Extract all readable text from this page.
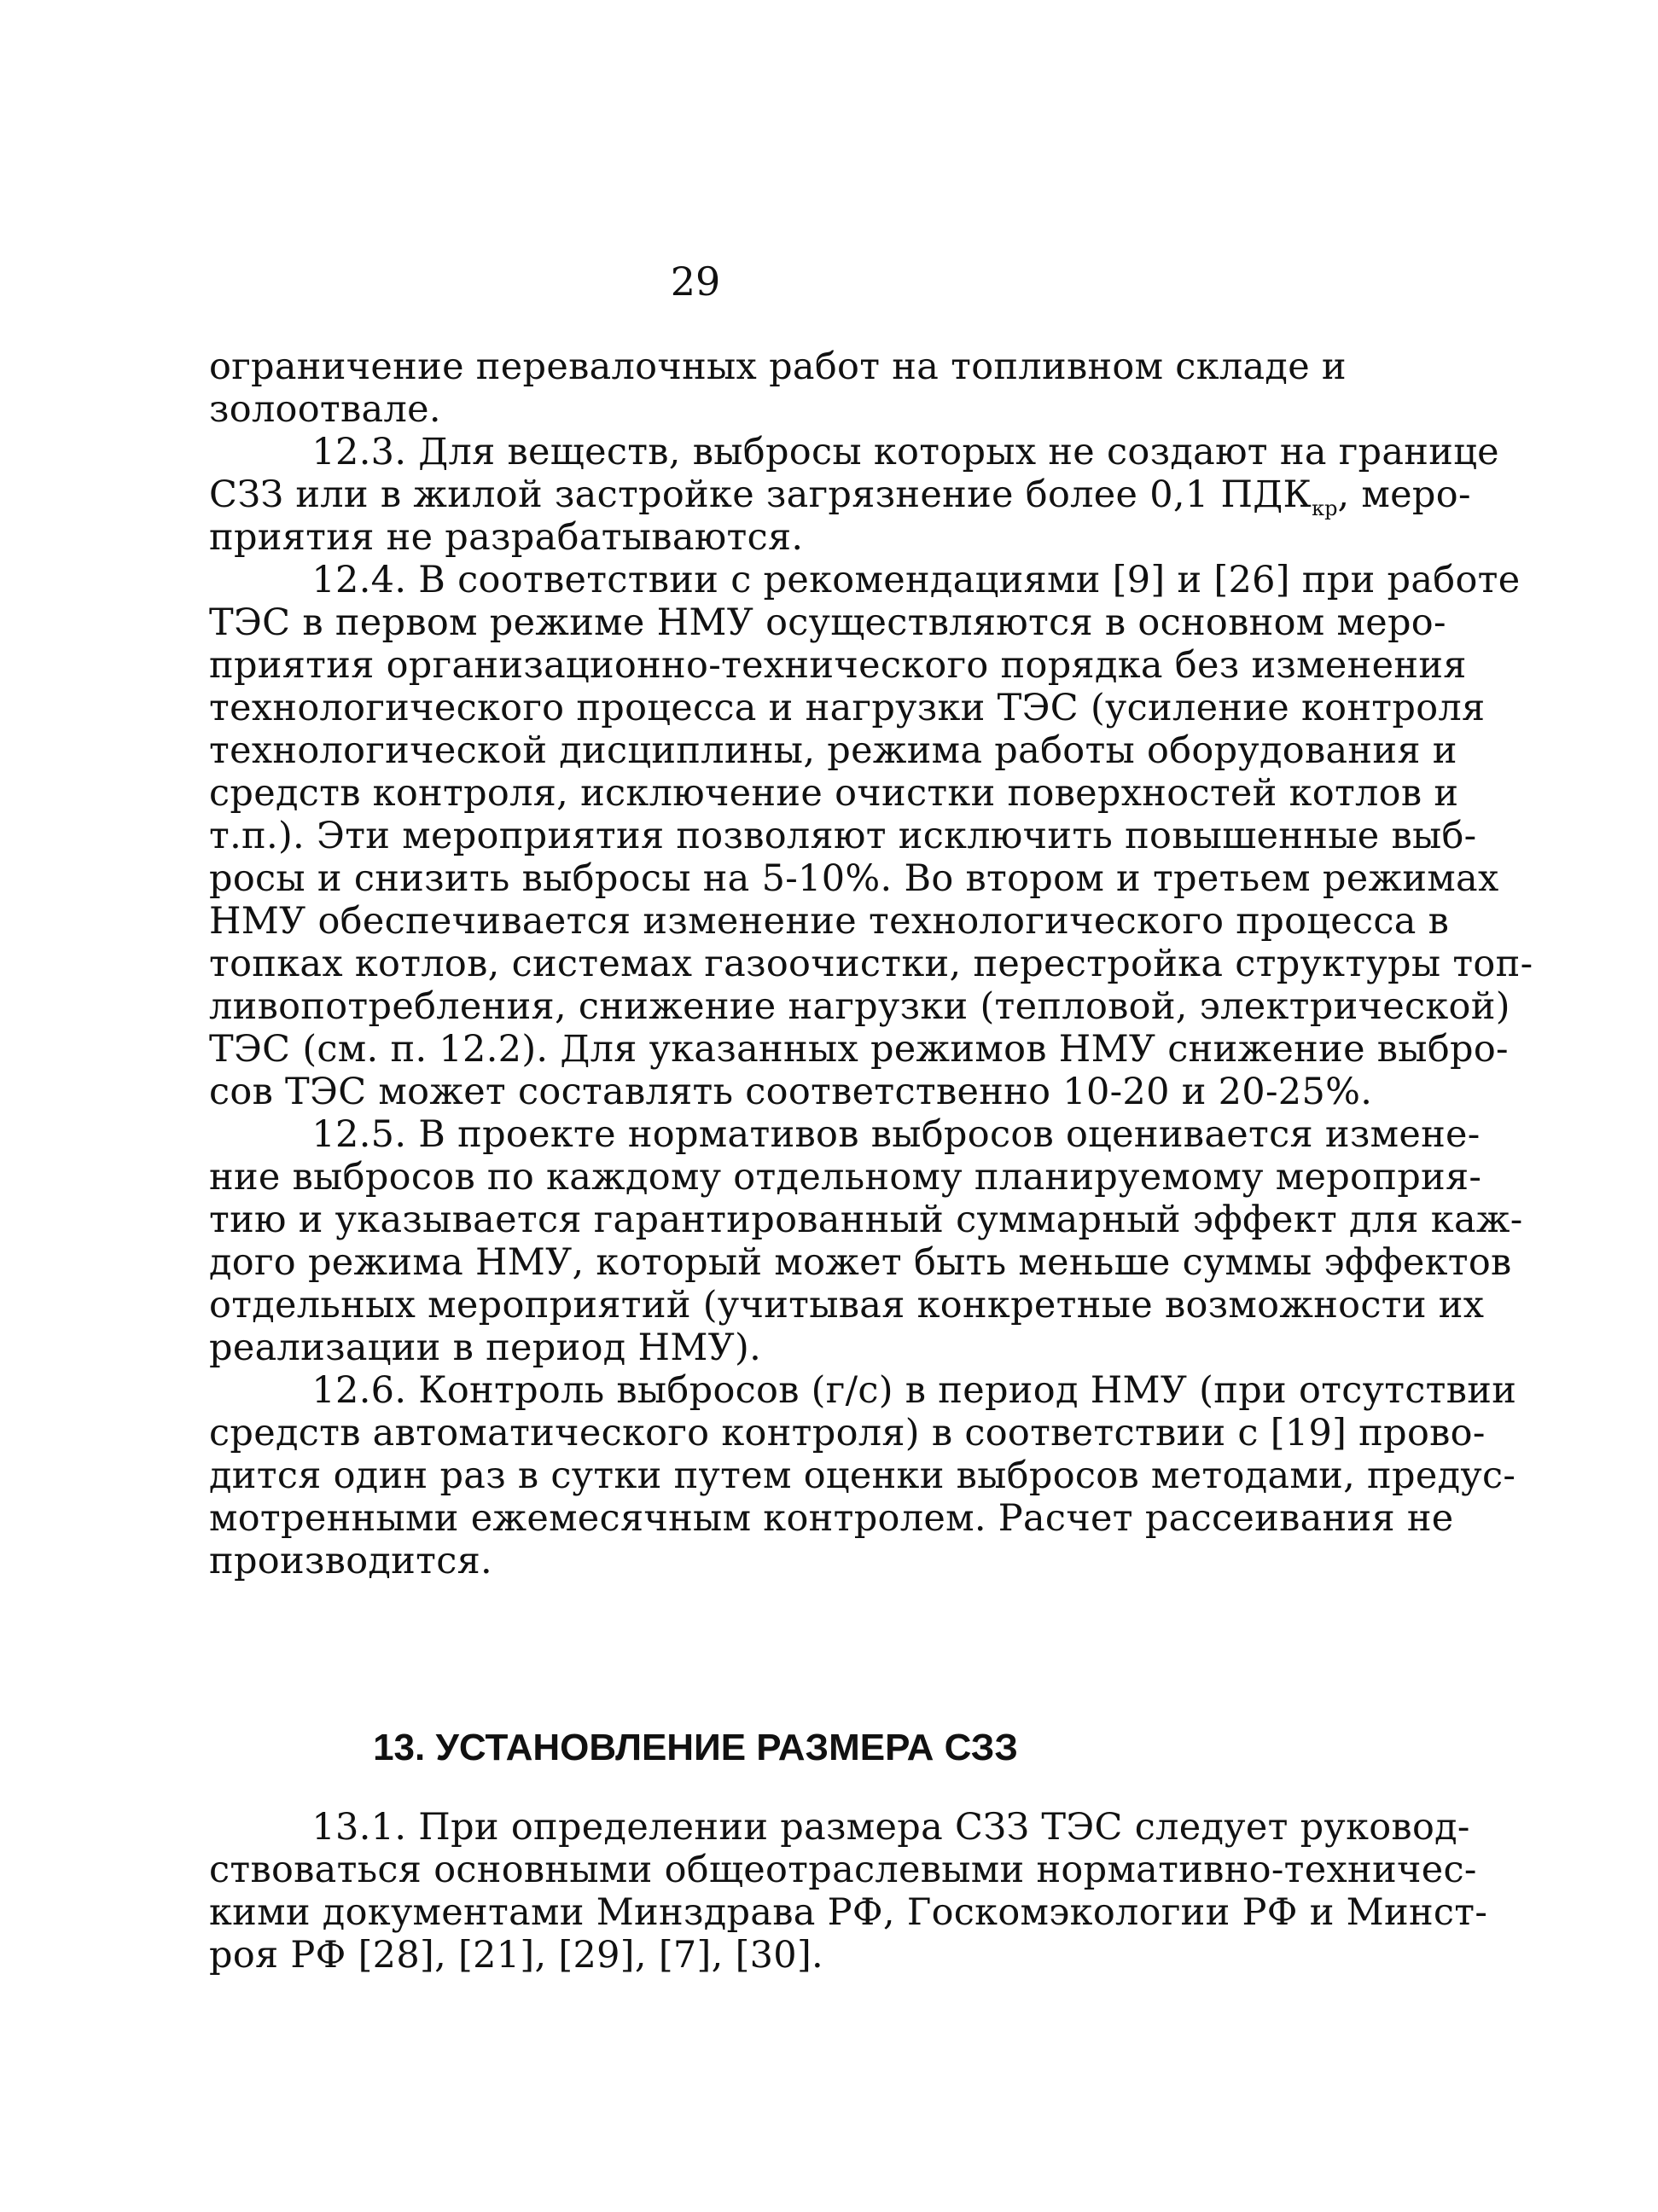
29
ограничение перевалочных работ на топливном складе и
золоотвале.
12.3. Для веществ, выбросы которых не создают на границе
СЗЗ или в жилой застройке загрязнение более 0,1 $ПДК_{кр}$, меро-
приятия не разрабатываются.
12.4. В соответствии с рекомендациями [9] и [26] при работе
ТЭС в первом режиме НМУ осуществляются в основном меро-
приятия организационно-технического порядка без изменения
технологического процесса и нагрузки ТЭС (усиление контроля
технологической дисциплины, режима работы оборудования и
средств контроля, исключение очистки поверхностей котлов и
т.п.). Эти мероприятия позволяют исключить повышенные выб-
росы и снизить выбросы на 5-10%. Во втором и третьем режимах
НМУ обеспечивается изменение технологического процесса в
топках котлов, системах газоочистки, перестройка структуры топ-
ливопотребления, снижение нагрузки (тепловой, электрической)
ТЭС (см. п. 12.2). Для указанных режимов НМУ снижение выбро-
сов ТЭС может составлять соответственно 10-20 и 20-25%.
12.5. В проекте нормативов выбросов оценивается измене-
ние выбросов по каждому отдельному планируемому мероприя-
тию и указывается гарантированный суммарный эффект для каж-
дого режима НМУ, который может быть меньше суммы эффектов
отдельных мероприятий (учитывая конкретные возможности их
реализации в период НМУ).
12.6. Контроль выбросов (г/с) в период НМУ (при отсутствии
средств автоматического контроля) в соответствии с [19] прово-
дится один раз в сутки путем оценки выбросов методами, предус-
мотренными ежемесячным контролем. Расчет рассеивания не
производится.
13. УСТАНОВЛЕНИЕ РАЗМЕРА СЗЗ
13.1. При определении размера СЗЗ ТЭС следует руковод-
ствоваться основными общеотраслевыми нормативно-техничес-
кими документами Минздрава РФ, Госкомэкологии РФ и Минст-
роя РФ [28], [21], [29], [7], [30].
